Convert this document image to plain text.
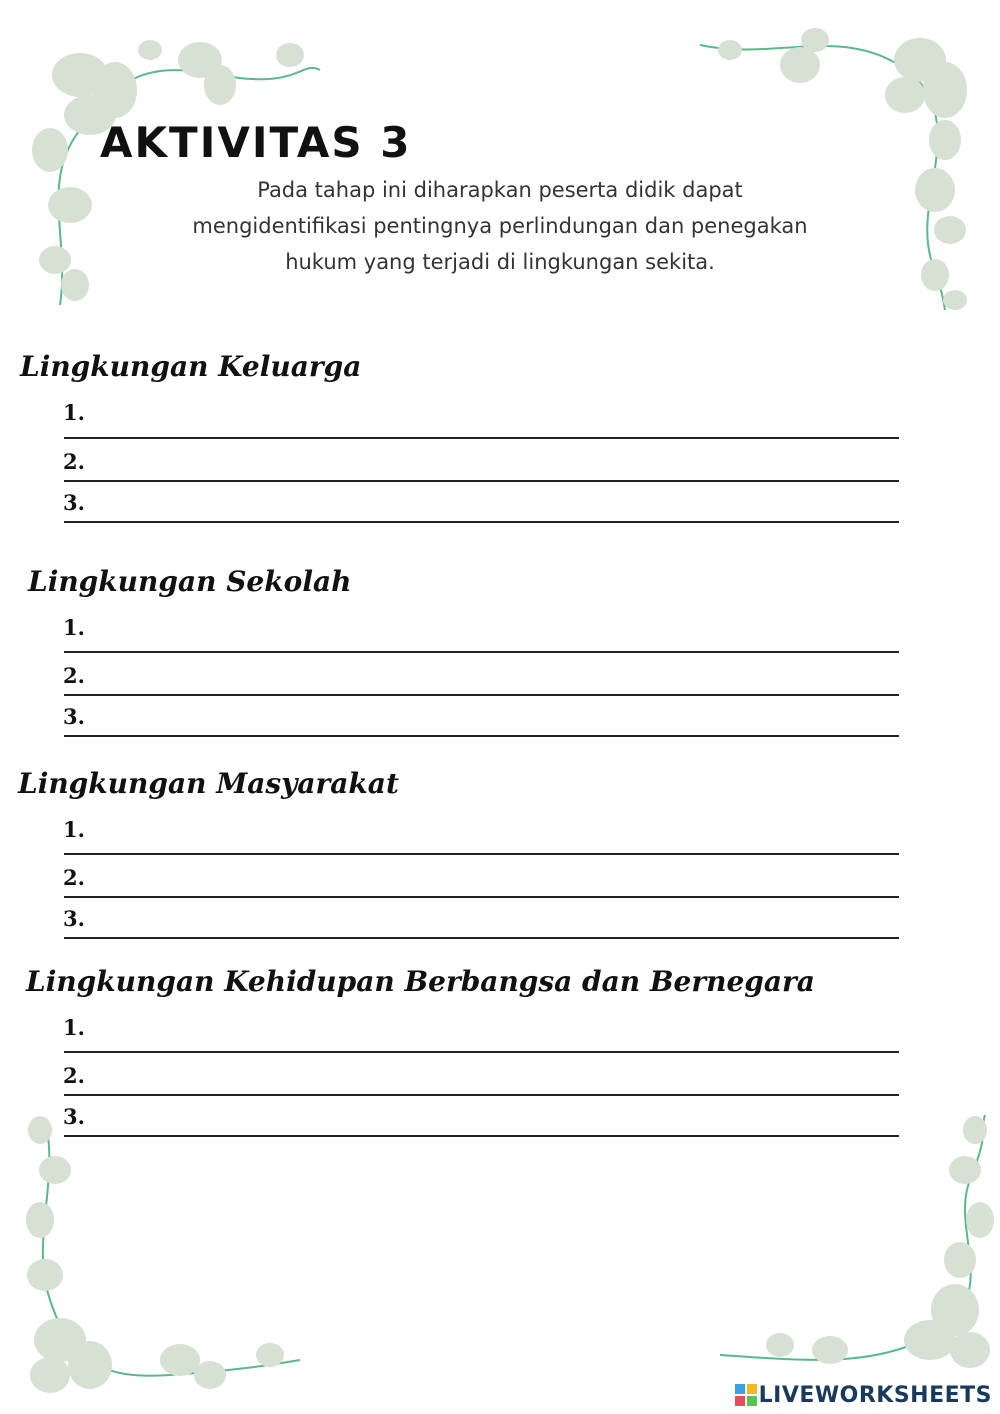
AKTIVITAS 3
Pada tahap ini diharapkan peserta didik dapat
mengidentifikasi pentingnya perlindungan dan penegakan
hukum yang terjadi di lingkungan sekita.
Lingkungan Keluarga
1.
2.
3.
Lingkungan Sekolah
1.
2.
3.
Lingkungan Masyarakat
1.
2.
3.
Lingkungan Kehidupan Berbangsa dan Bernegara
1.
2.
3.
LIVEWORKSHEETS
